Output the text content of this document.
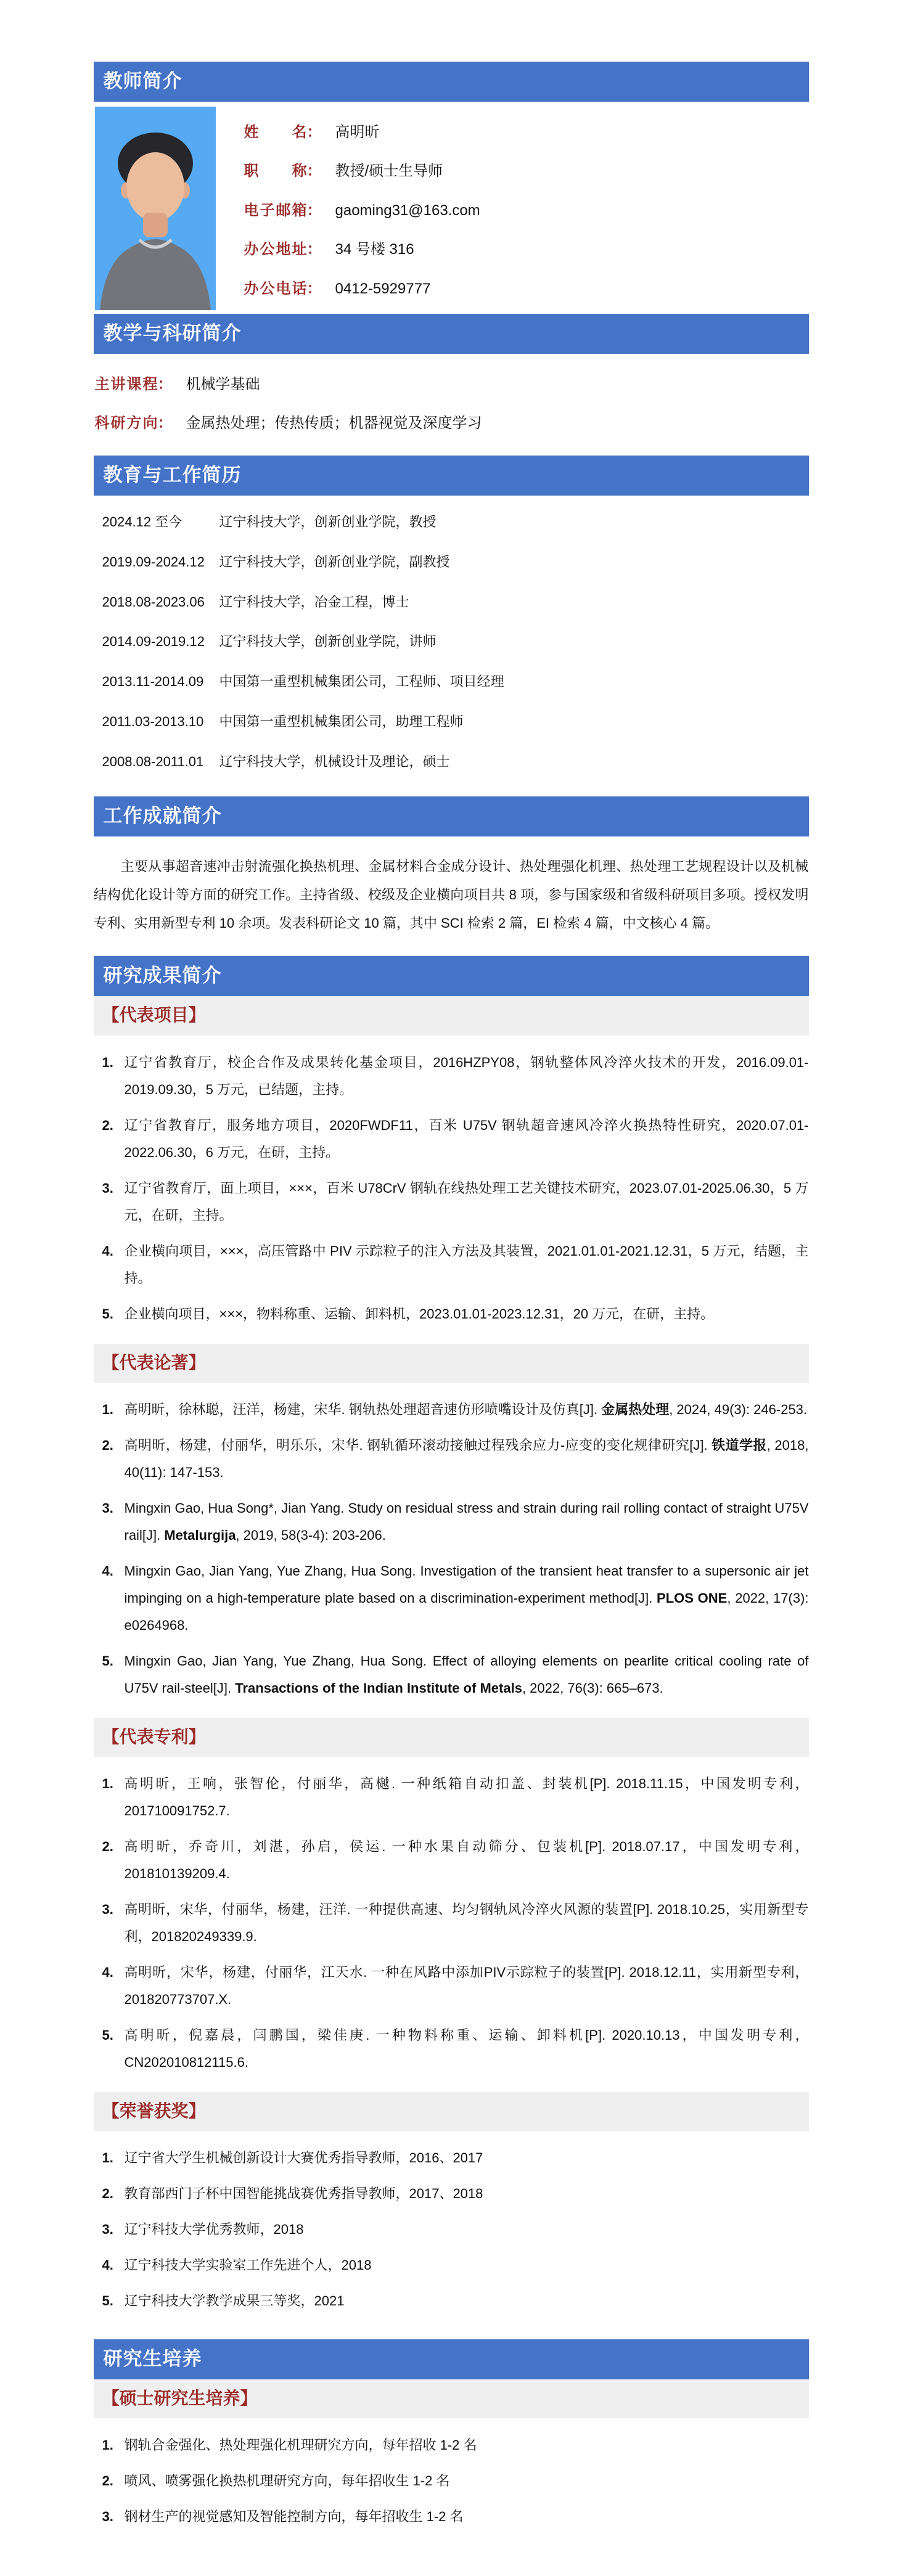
教师简介
姓名 ： 高明昕
职称 ： 教授/硕士生导师
电子邮箱 ： gaoming31@163.com
办公地址 ： 34 号楼 316
办公电话 ： 0412-5929777
教学与科研简介
主讲课程 ： 机械学基础
科研方向 ： 金属热处理；传热传质；机器视觉及深度学习
教育与工作简历
2024.12 至今	辽宁科技大学，创新创业学院，教授
2019.09-2024.12	辽宁科技大学，创新创业学院，副教授
2018.08-2023.06	辽宁科技大学，冶金工程，博士
2014.09-2019.12	辽宁科技大学，创新创业学院，讲师
2013.11-2014.09	中国第一重型机械集团公司，工程师、项目经理
2011.03-2013.10	中国第一重型机械集团公司，助理工程师
2008.08-2011.01	辽宁科技大学，机械设计及理论，硕士
工作成就简介

主要从事超音速冲击射流强化换热机理、金属材料合金成分设计、热处理强化机理、热处理工艺规程设计以及机械结构优化设计等方面的研究工作。主持省级、校级及企业横向项目共 8 项，参与国家级和省级科研项目多项。授权发明专利、实用新型专利 10 余项。发表科研论文 10 篇，其中 SCI 检索 2 篇，EI 检索 4 篇，中文核心 4 篇。

研究成果简介
【代表项目】
1. 辽宁省教育厅，校企合作及成果转化基金项目，2016HZPY08，钢轨整体风冷淬火技术的开发，2016.09.01-2019.09.30，5 万元，已结题，主持。
2. 辽宁省教育厅，服务地方项目，2020FWDF11，百米 U75V 钢轨超音速风冷淬火换热特性研究，2020.07.01-2022.06.30，6 万元，在研，主持。
3. 辽宁省教育厅，面上项目，×××，百米 U78CrV 钢轨在线热处理工艺关键技术研究，2023.07.01-2025.06.30，5 万元，在研，主持。
4. 企业横向项目，×××，高压管路中 PIV 示踪粒子的注入方法及其装置，2021.01.01-2021.12.31，5 万元，结题，主持。
5. 企业横向项目，×××，物料称重、运输、卸料机，2023.01.01-2023.12.31，20 万元，在研，主持。
【代表论著】
1. 高明昕，徐林聪，汪洋，杨建，宋华. 钢轨热处理超音速仿形喷嘴设计及仿真[J]. 金属热处理, 2024, 49(3): 246-253.
2. 高明昕，杨建，付丽华，明乐乐，宋华. 钢轨循环滚动接触过程残余应力-应变的变化规律研究[J]. 铁道学报, 2018, 40(11): 147-153.
3. Mingxin Gao, Hua Song*, Jian Yang. Study on residual stress and strain during rail rolling contact of straight U75V rail[J]. Metalurgija, 2019, 58(3-4): 203-206.
4. Mingxin Gao, Jian Yang, Yue Zhang, Hua Song. Investigation of the transient heat transfer to a supersonic air jet impinging on a high-temperature plate based on a discrimination-experiment method[J]. PLOS ONE, 2022, 17(3): e0264968.
5. Mingxin Gao, Jian Yang, Yue Zhang, Hua Song. Effect of alloying elements on pearlite critical cooling rate of U75V rail-steel[J]. Transactions of the Indian Institute of Metals, 2022, 76(3): 665–673.
【代表专利】
1. 高明昕，王响，张智伦，付丽华，高樾. 一种纸箱自动扣盖、封装机[P]. 2018.11.15，中国发明专利，201710091752.7.
2. 高明昕，乔奇川，刘湛，孙启，侯运. 一种水果自动筛分、包装机[P]. 2018.07.17，中国发明专利，201810139209.4.
3. 高明昕，宋华，付丽华，杨建，汪洋. 一种提供高速、均匀钢轨风冷淬火风源的装置[P]. 2018.10.25，实用新型专利，201820249339.9.
4. 高明昕，宋华，杨建，付丽华，江天水. 一种在风路中添加PIV示踪粒子的装置[P]. 2018.12.11，实用新型专利，201820773707.X.
5. 高明昕，倪嘉晨，闫鹏国，梁佳庚. 一种物料称重、运输、卸料机[P]. 2020.10.13，中国发明专利，CN202010812115.6.
【荣誉获奖】
1. 辽宁省大学生机械创新设计大赛优秀指导教师，2016、2017
2. 教育部西门子杯中国智能挑战赛优秀指导教师，2017、2018
3. 辽宁科技大学优秀教师，2018
4. 辽宁科技大学实验室工作先进个人，2018
5. 辽宁科技大学教学成果三等奖，2021
研究生培养
【硕士研究生培养】
1. 钢轨合金强化、热处理强化机理研究方向，每年招收 1-2 名
2. 喷风、喷雾强化换热机理研究方向，每年招收生 1-2 名
3. 钢材生产的视觉感知及智能控制方向，每年招收生 1-2 名
